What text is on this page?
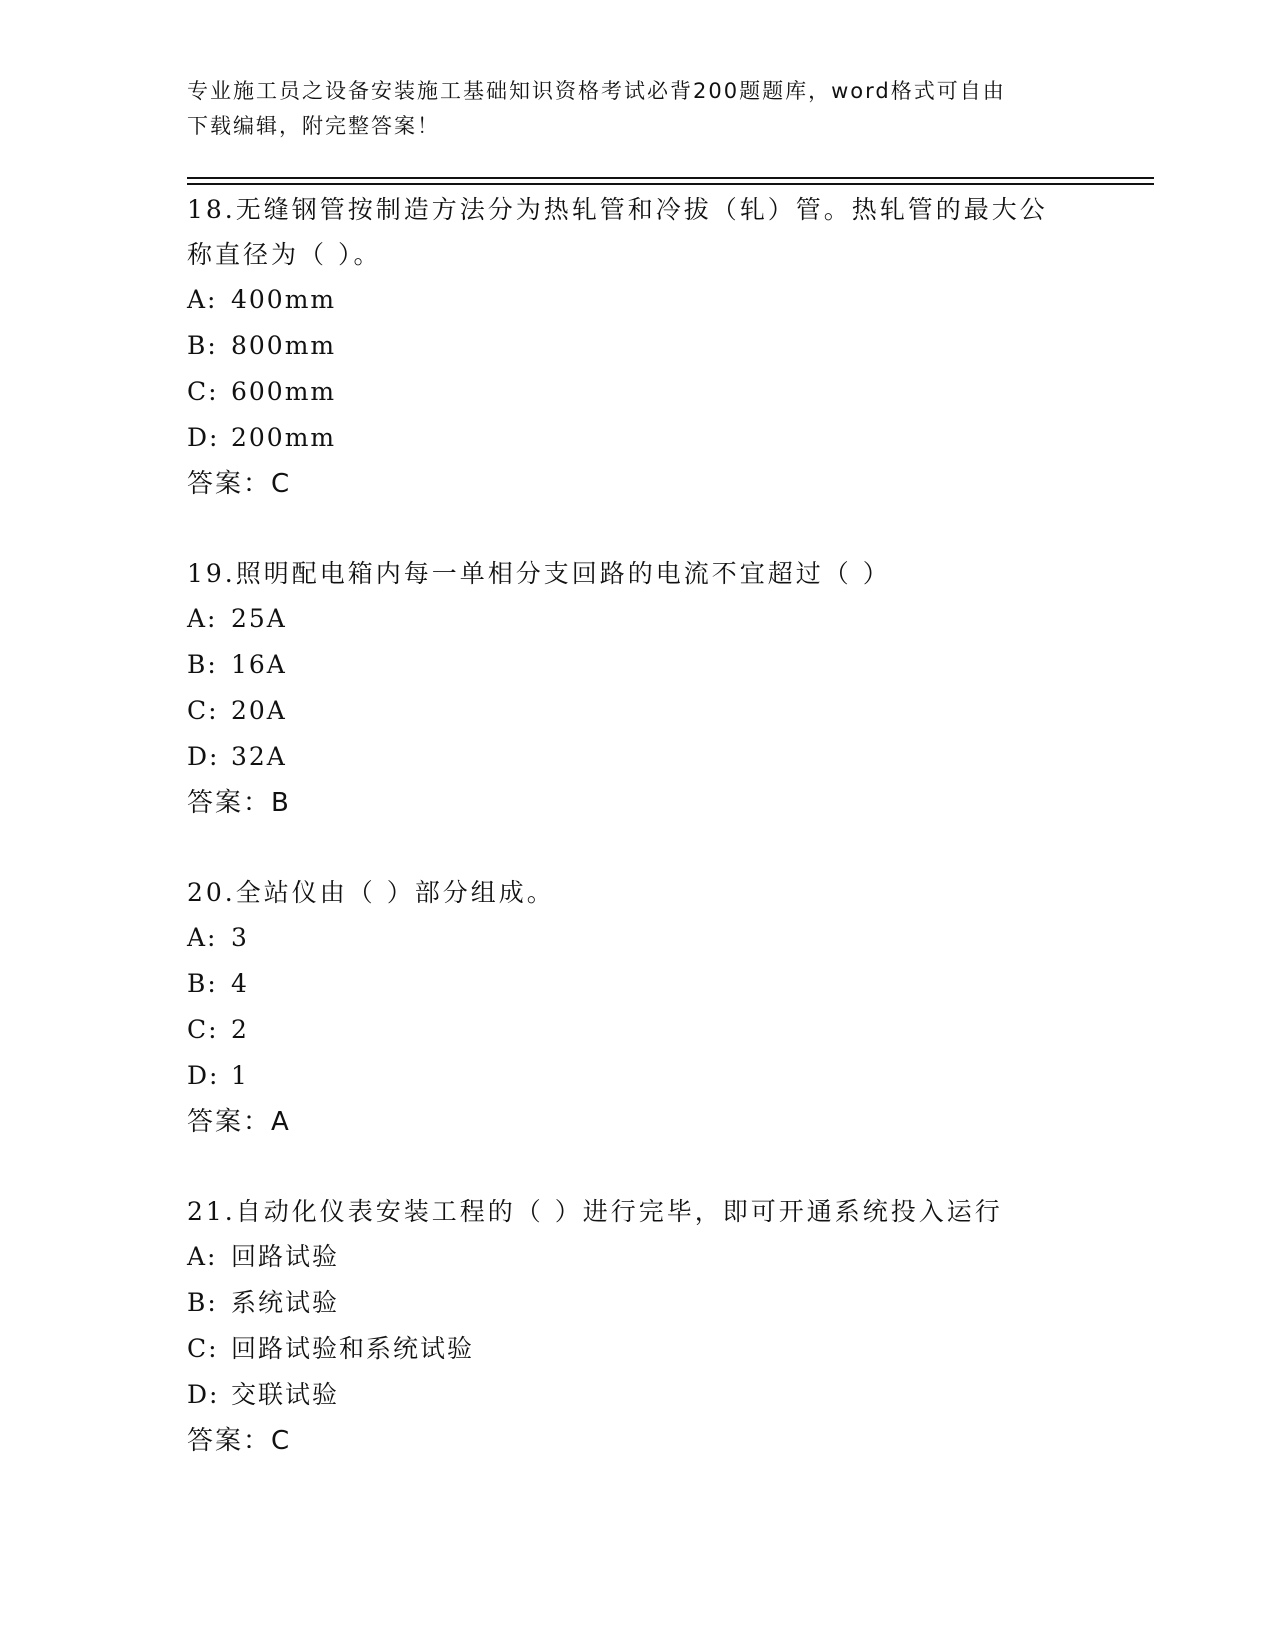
专业施工员之设备安装施工基础知识资格考试必背200题题库，word格式可自由
下载编辑，附完整答案！

18.无缝钢管按制造方法分为热轧管和冷拔（轧）管。热轧管的最大公

称直径为（ ）。

A: 400mm

B: 800mm

C: 600mm

D: 200mm

答案：C

19.照明配电箱内每一单相分支回路的电流不宜超过（ ）

A: 25A

B: 16A

C: 20A

D: 32A

答案：B

20.全站仪由（ ）部分组成。

A: 3

B: 4

C: 2

D: 1

答案：A

21.自动化仪表安装工程的（ ）进行完毕，即可开通系统投入运行

A: 回路试验

B: 系统试验

C: 回路试验和系统试验

D: 交联试验

答案：C
